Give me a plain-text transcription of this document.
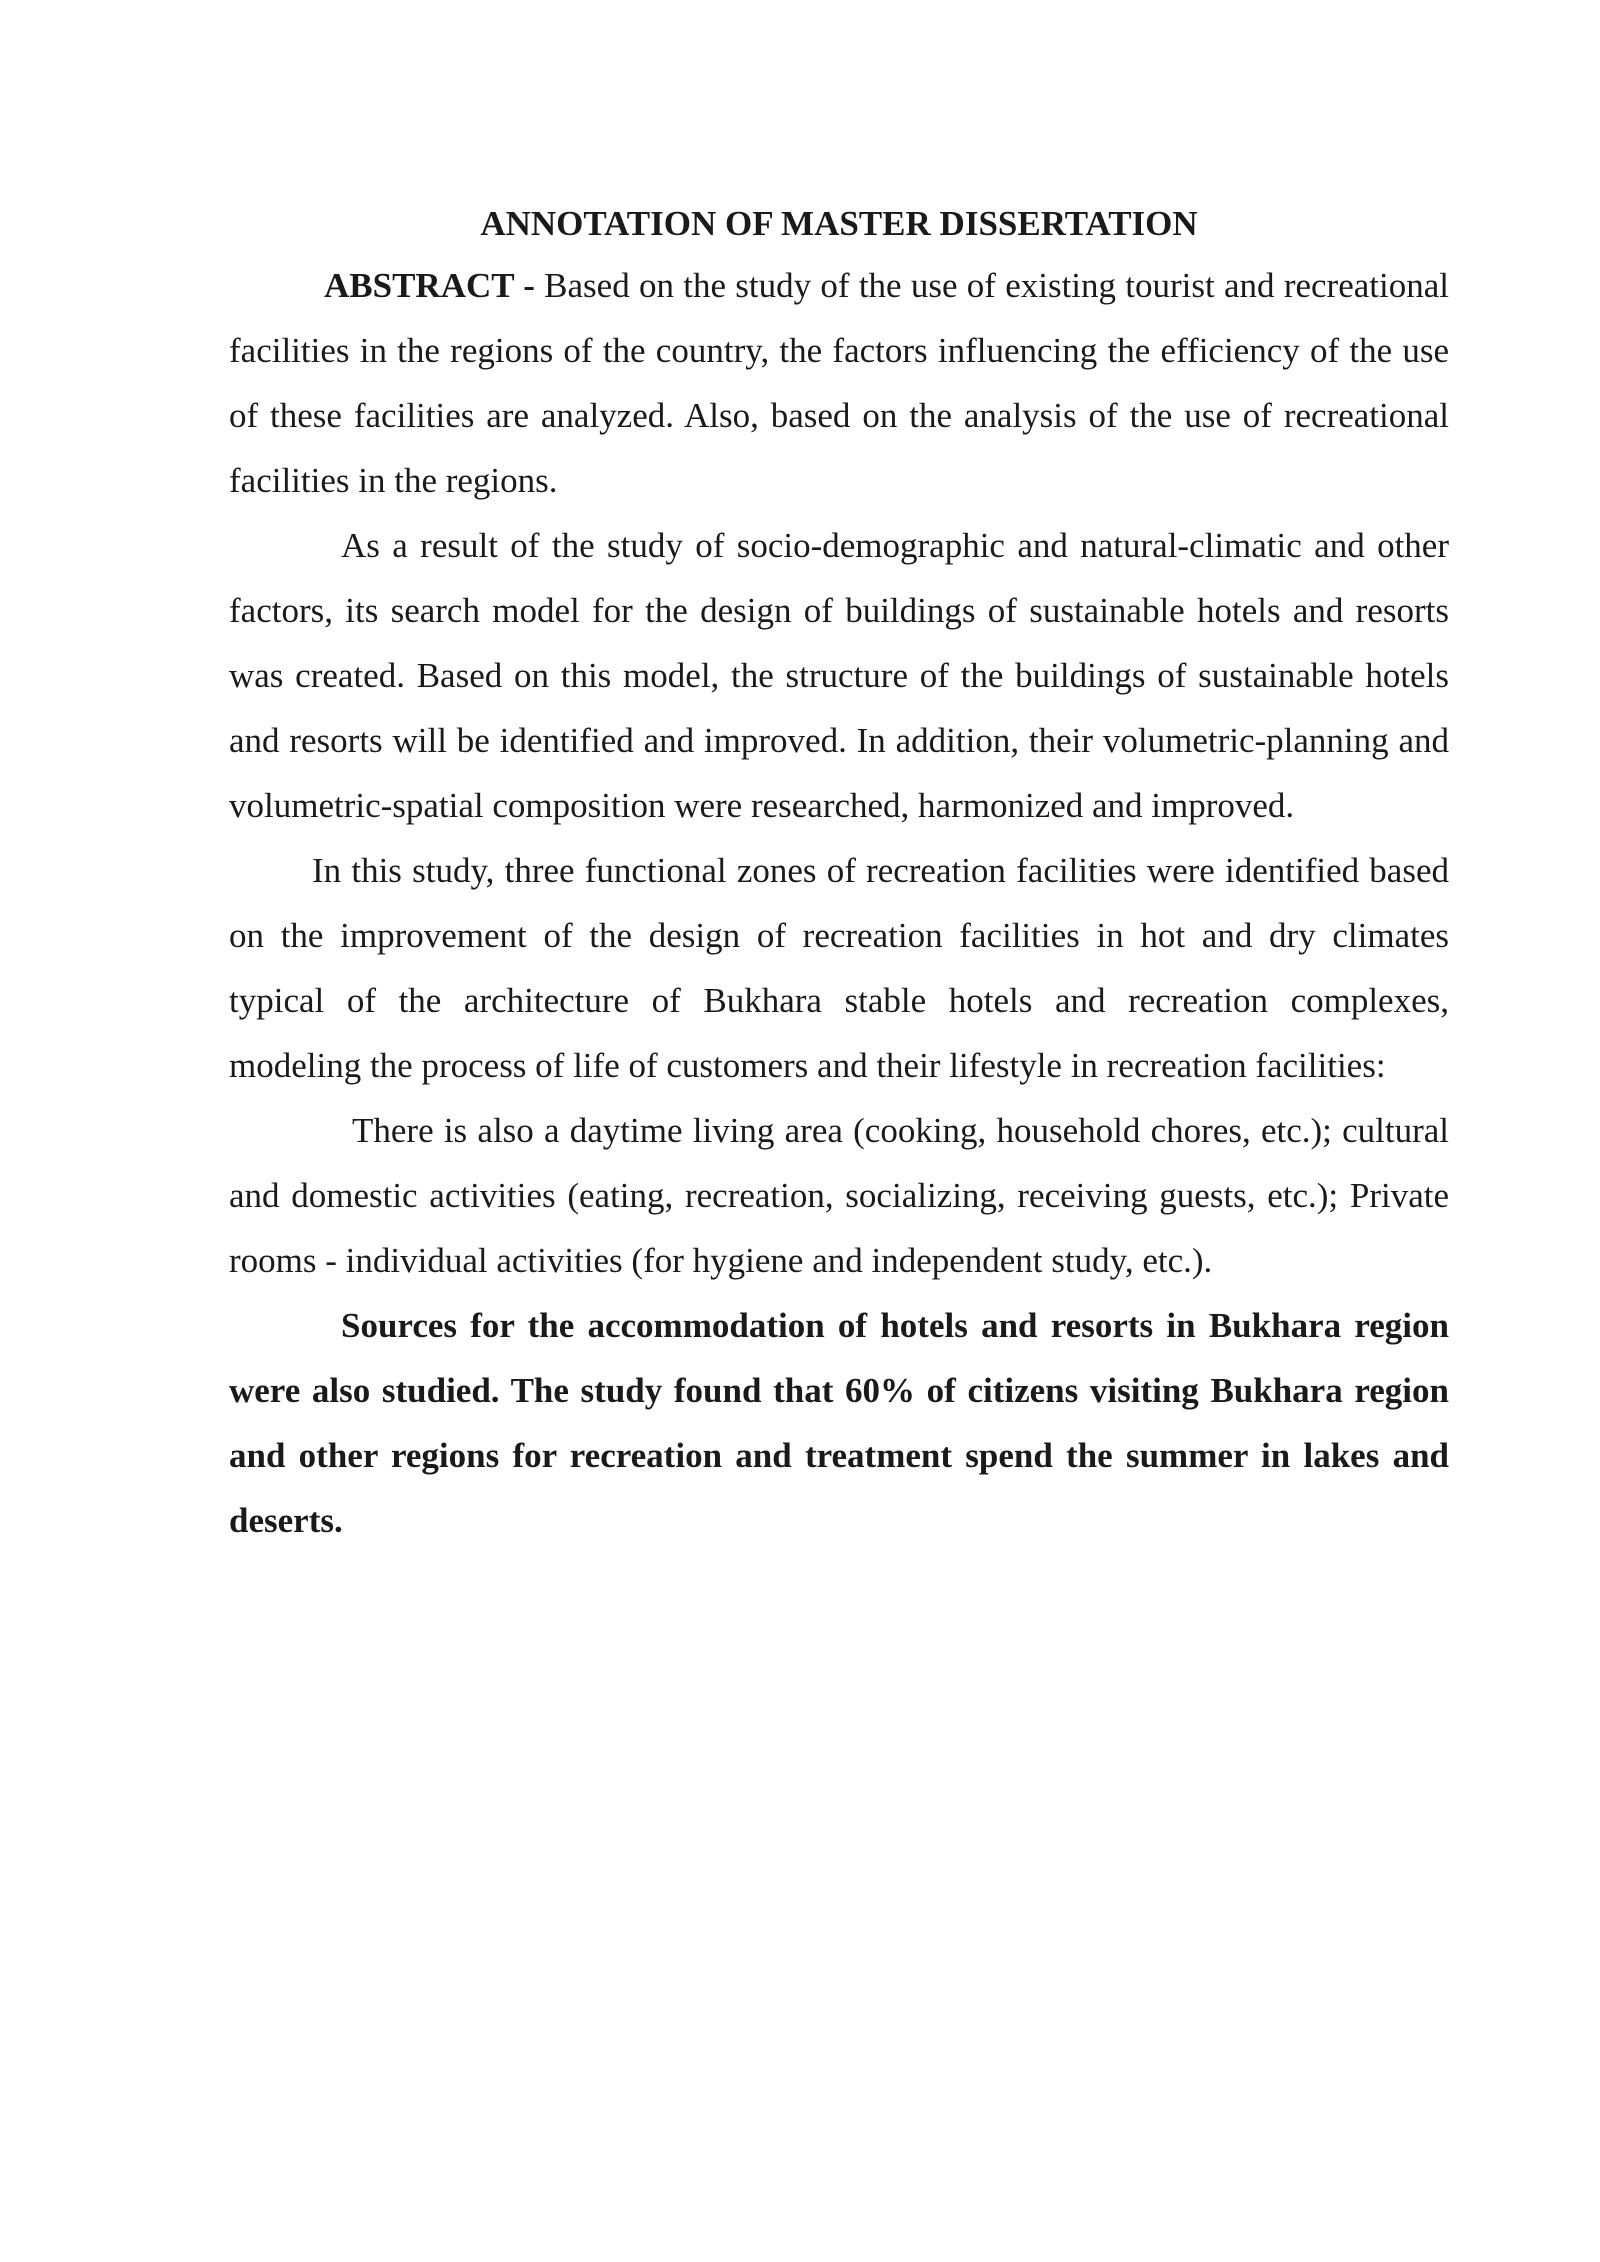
ANNOTATION OF MASTER DISSERTATION

ABSTRACT - Based on the study of the use of existing tourist and recreational facilities in the regions of the country, the factors influencing the efficiency of the use of these facilities are analyzed. Also, based on the analysis of the use of recreational facilities in the regions.

As a result of the study of socio-demographic and natural-climatic and other factors, its search model for the design of buildings of sustainable hotels and resorts was created. Based on this model, the structure of the buildings of sustainable hotels and resorts will be identified and improved. In addition, their volumetric-planning and volumetric-spatial composition were researched, harmonized and improved.

In this study, three functional zones of recreation facilities were identified based on the improvement of the design of recreation facilities in hot and dry climates typical of the architecture of Bukhara stable hotels and recreation complexes, modeling the process of life of customers and their lifestyle in recreation facilities:

There is also a daytime living area (cooking, household chores, etc.); cultural and domestic activities (eating, recreation, socializing, receiving guests, etc.); Private rooms - individual activities (for hygiene and independent study, etc.).

Sources for the accommodation of hotels and resorts in Bukhara region were also studied. The study found that 60% of citizens visiting Bukhara region and other regions for recreation and treatment spend the summer in lakes and deserts.
